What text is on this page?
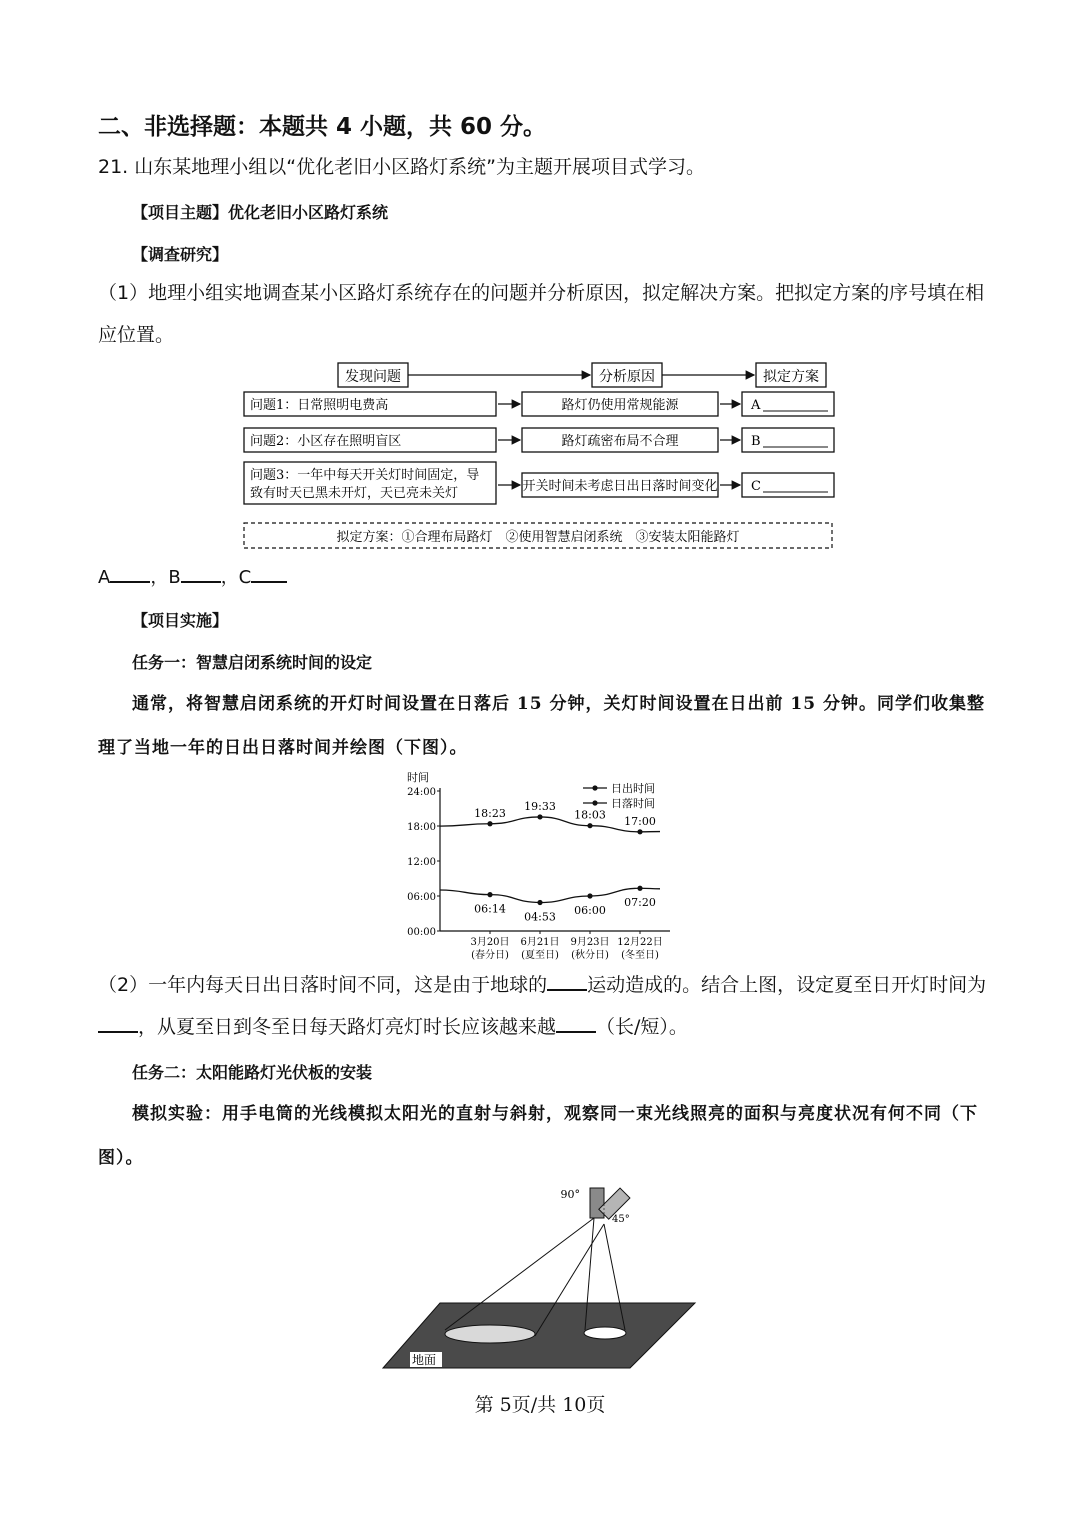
二、非选择题：本题共 4 小题，共 60 分。
21. 山东某地理小组以“优化老旧小区路灯系统”为主题开展项目式学习。
【项目主题】优化老旧小区路灯系统
【调查研究】
（1）地理小组实地调查某小区路灯系统存在的问题并分析原因，拟定解决方案。把拟定方案的序号填在相应位置。
发现问题	分析原因	拟定方案
问题1：日常照明电费高	路灯仍使用常规能源	A
问题2：小区存在照明盲区	路灯疏密布局不合理	B
问题3：一年中每天开关灯时间固定，导
致有时天已黑未开灯，天已亮未关灯	开关时间未考虑日出日落时间变化	C
拟定方案：①合理布局路灯　②使用智慧启闭系统　③安装太阳能路灯
A ，B ，C
【项目实施】
任务一：智慧启闭系统时间的设定
通常，将智慧启闭系统的开灯时间设置在日落后 15 分钟，关灯时间设置在日出前 15 分钟。同学们收集整理了当地一年的日出日落时间并绘图（下图）。
时间
24:00
18:00
12:00
06:00
00:00
3月20日
(春分日)
6月21日
(夏至日)
9月23日
(秋分日)
12月22日
(冬至日)
06:14
04:53
06:00
07:20
18:23
19:33
18:03 17:00
日出时间
日落时间
（2）一年内每天日出日落时间不同，这是由于地球的 运动造成的。结合上图，设定夏至日开灯时间为，从夏至日到冬至日每天路灯亮灯时长应该越来越 （长/短）。
任务二：太阳能路灯光伏板的安装
模拟实验：用手电筒的光线模拟太阳光的直射与斜射，观察同一束光线照亮的面积与亮度状况有何不同（下图）。
地面
90°
45°
第 5页/共 10页
